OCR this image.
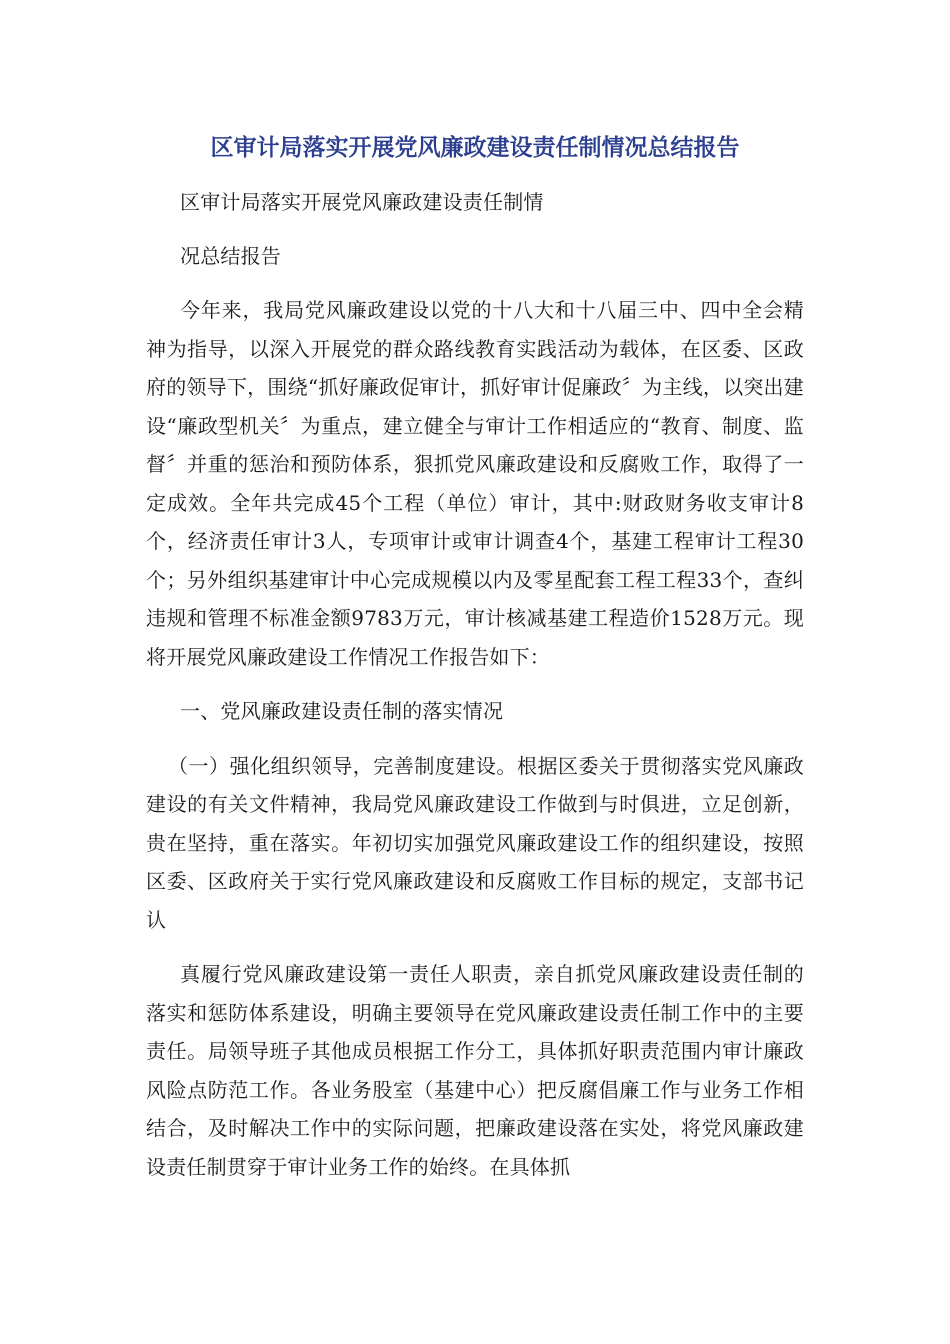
区审计局落实开展党风廉政建设责任制情况总结报告

区审计局落实开展党风廉政建设责任制情

况总结报告

今年来，我局党风廉政建设以党的十八大和十八届三中、四中全会精神为指导，以深入开展党的群众路线教育实践活动为载体，在区委、区政府的领导下，围绕“抓好廉政促审计，抓好审计促廉政〞为主线，以突出建设“廉政型机关〞为重点，建立健全与审计工作相适应的“教育、制度、监督〞并重的惩治和预防体系，狠抓党风廉政建设和反腐败工作，取得了一定成效。全年共完成45个工程（单位）审计，其中:财政财务收支审计8个，经济责任审计3人，专项审计或审计调查4个，基建工程审计工程30个；另外组织基建审计中心完成规模以内及零星配套工程工程33个，查纠违规和管理不标准金额9783万元，审计核减基建工程造价1528万元。现将开展党风廉政建设工作情况工作报告如下：

一、党风廉政建设责任制的落实情况

（一）强化组织领导，完善制度建设。根据区委关于贯彻落实党风廉政建设的有关文件精神，我局党风廉政建设工作做到与时俱进，立足创新，贵在坚持，重在落实。年初切实加强党风廉政建设工作的组织建设，按照区委、区政府关于实行党风廉政建设和反腐败工作目标的规定，支部书记认

真履行党风廉政建设第一责任人职责，亲自抓党风廉政建设责任制的落实和惩防体系建设，明确主要领导在党风廉政建设责任制工作中的主要责任。局领导班子其他成员根据工作分工，具体抓好职责范围内审计廉政风险点防范工作。各业务股室（基建中心）把反腐倡廉工作与业务工作相结合，及时解决工作中的实际问题，把廉政建设落在实处，将党风廉政建设责任制贯穿于审计业务工作的始终。在具体抓
